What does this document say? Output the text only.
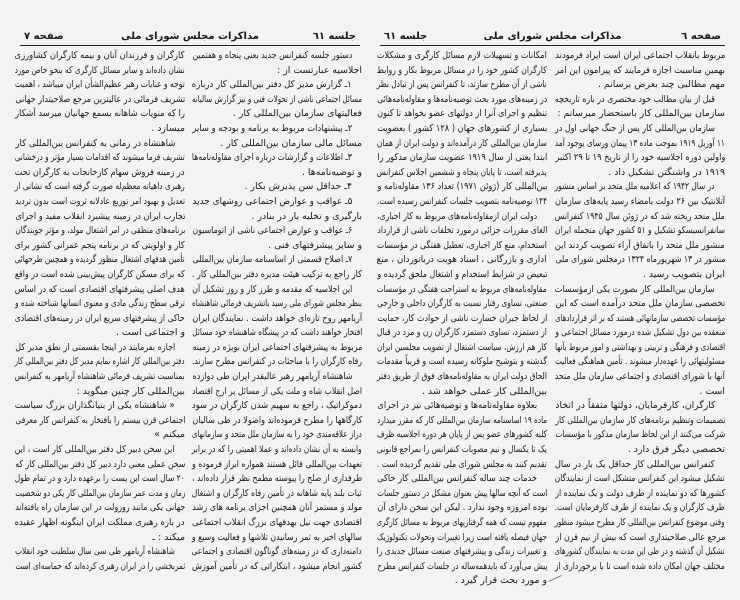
جلسه ٦١
مذاکرات مجلس شورای ملی
صفحه ٧
دستور جلسه کنفرانس جدید یعنی پنجاه و هفتمین
اجلاسیه عبارتست از :
۱ـ گزارش مدیر کل دفتر بین‌المللی کار درباره
مسائل اجتماعی ناشی از تحولات فنی و نیز گزارش سالیانه
فعالیتهای سازمان بین‌المللی کار .
۲ـ پیشنهادات مربوط به برنامه و بودجه و سایر
مسائل مالی سازمان بین‌المللی کار .
۳ـ اطلاعات و گزارشات درباره اجرای مقاوله‌نامه‌ها
و توصیه‌نامه‌ها .
۴ـ حداقل سن پذیرش بکار .
۵ـ عواقب و عوارض اجتماعی روشهای جدید
بارگیری و تخلیه بار در بنادر .
۶ـ عواقب و عوارض اجتماعی ناشی از اتوماسیون
و سایر پیشرفتهای فنی .
۷ـ اصلاح قسمتی از اساسنامه سازمان بین‌المللی
کار راجع به ترکیب هیئت مدیره دفتر بین‌المللی کار .
این اجلاسیه که مقدمه و طرز کار و روز تشکیل آن
بنظر مجلس شورای ملی رسید باتشریف فرمائی شاهنشاه
آریامهر روح تازه‌ای خواهد داشت . نمایندگان ایران
افتخار خواهند داشت که در پیشگاه شاهنشاه خود مسائل
مربوط به پیشرفتهای اجتماعی ایران بویژه در زمینه
رفاه کارگران را با مباحثات در کنفرانس مطرح سازند.
شاهنشاه آریامهر رهبر عالیقدر ایران طی دوازده
اصل انقلاب شاه و ملت یکی از مسائل پر ارج اقتصاد
دموکراتیک ، راجع به سهیم شدن کارگران در سود
کارگاهها را مطرح فرموده‌اند واصولا در طی سالیان
دراز علاقه‌مندی خود را به سازمان ملل متحد و سازمانهای
وابسته به آن نشان داده‌اند و عملا اهمیتی را که در برابر
تعهدات بین‌المللی قائل هستند همواره ابراز فرموده و
طرفداری از صلح را پیوسته مطمح نظر قرار داده‌اند ،
ثبات بلند پایه شاهانه در تأمین رفاه کارگران و اشتغال
مولد و مستمر آنان همچنین اجرای برنامه های رشد
اقتصادی جهت نیل بهدفهای بزرگ انقلاب اجتماعی
سالهای اخیر به ثمر رسانیدن تلاشها و فعالیت وسیع و
دامنه‌داری که در زمینه‌های گوناگون اقتصادی و اجتماعی
کشور انجام میشود ، ابتکاراتی که در تأمین آموزش
کارگران و فرزندان آنان و بیمه کارگران کشاورزی
نشان داده‌اند و سایر مسائل کارگری که بنحو خاص مورد
توجه و عنایات رهبر عظیم‌الشأن ایران میباشد ، اهمیت
تشریف فرمائی در عالیترین مرجع صلاحیتدار جهانی
را که منویات شاهانه بسمع جهانیان میرسد آشکار
میسازد .
شاهنشاه در زمانی به کنفرانس بین‌المللی کار
تشریف فرما میشوند که اقدامات بسیار مؤثر و درخشانی
در زمینه فروش سهام کارخانجات به کارگران تحت
رهبری داهیانه معظم‌له صورت گرفته است که نشانی از
تعدیل و بهبود امر توزیع عادلانه ثروت است بدون تردید
تجارب ایران در زمینه پیشبرد انقلاب مفید و اجرای
برنامه‌های منطقی در امر اشتغال مولد، و مؤثر جویندگان
کار و اولویتی که در برنامه پنجم عمرانی کشور برای
تأمین هدفهای اشتغال منظور گردیده و همچنین طرحهائی
که برای مسکن کارگران پیش‌بینی شده است در واقع
هدف اصلی پیشرفتهای اقتصادی است که در اساس
ترقی سطح زندگی مادی و معنوی انسانها شناخته شده و
حاکی از پیشرفتهای سریع ایران در زمینه‌های اقتصادی
و اجتماعی است .
اجازه بفرمایند در اینجا بقسمتی از نطق مدیر کل
دفتر بین‌المللی کار اشاره نمایم مدیر کل دفتر بین‌المللی کار
بمناسبت تشریف فرمائی شاهنشاه آریامهر به کنفرانس
بین‌المللی کار چنین میگوید :
« شاهنشاه یکی از بنیانگذاران بزرگ سیاست
اجتماعی قرن بیستم را بافتخار به کنفرانس کار معرفی
میکنم »
این سخن دبیر کل دفتر بین‌المللی کار است ، این
سخن عملی معنی دارد دبیر کل دفتر بین‌المللی کار که
۲۰ سال است این پست را برعهده دارد و در تمام طول
زمان و مدت عمر سازمان بین‌المللی کار یکی دو شخصیت
جهانی یکی مانند روزولت در این سازمان راه یافته‌اند
در باره رهبری مملکت ایران اینگونه اظهار عقیده
میکند : ـ
شاهنشاه آریامهر طی سی سال سلطنت خود انقلاب
ثمربخشی را در ایران رهبری کرده‌اند که حماسه‌ای است
صفحه ٦
مذاکرات مجلس شورای ملی
جلسه ٦١
مربوط بانقلاب اجتماعی ایران است ایراد فرمودند
بهمین مناسبت اجازه فرمایند که پیرامون این امر
مهم مطالبی چند بعرض برسانم .
قبل از بیان مطالب خود مختصری در باره تاریخچه
سازمان بین‌المللی کار باستحضار میرسانم :
سازمان بین‌المللی کار پس از جنگ جهانی اول در
۱۱ آوریل ۱۹۱۹ بموجب ماده ۱۳ پیمان ورسای بوجود آمد
واولین دوره اجلاسیه خود را از تاریخ ۱۹ تا ۲۹ اکتبر
۱۹۱۹ در واشنگتن تشکیل داد .
در سال ۱۹۴۲ که اعلامیه ملل متحد بر اساس منشور
آتلانتیک بین ۲۶ دولت بامضاء رسید پایه‌های سازمان
ملل متحد ریخته شد که در ژوئن سال ۱۹۴۵ کنفرانس
سانفرانسیسکو تشکیل و ۵۱ کشور جهان منجمله ایران
منشور ملل متحد را باتفاق آراء تصویب کردند این
منشور در ۱۳ شهریورماه ۱۳۲۴ درمجلس شورای ملی
ایران بتصویب رسید .
سازمان بین‌المللی کار بصورت یکی ازمؤسسات
تخصصی سازمان ملل متحد درآمده است که این
مؤسسات تخصصی سازمانهائی هستند که بر اثر قراردادهای
منعقده بین دول تشکیل شده درمورد مسائل اجتماعی و
اقتصادی و فرهنگی و تربیتی و بهداشتی و امور مربوط بآنها
مسئولیتهائی را عهده‌دار میشوند . تأمین هماهنگی فعالیت
آنها با شورای اقتصادی و اجتماعی سازمان ملل متحد
است .
کارگران، کارفرمایان، دولتها متفقاً در اتخاذ
تصمیمات وتنظیم برنامه‌های کار سازمان بین‌المللی کار
شرکت می‌کنند از این لحاظ سازمان مذکور با مؤسسات
تخصصی دیگر فرق دارد .
کنفرانس بین‌المللی کار حداقل یک بار در سال
تشکیل میشود این کنفرانس متشکل است از نمایندگان
کشورها که دو نماینده از طرف دولت و یک نماینده از
طرف کارگران و یک نماینده از طرف کارفرمایان است.
وقتی موضوع کنفرانس بین‌المللی کار مطرح میشود منظور
مرجع عالی صلاحیتداری است که بیش از نیم قرن از
تشکیل آن گذشته و در طی این مدت به نمایندگان کشورهای
مختلف جهان امکان داده شده است تا با برخورداری از
امکانات و تسهیلات لازم مسائل کارگری و مشکلات
کارگران کشور خود را در مسائل مربوط بکار و روابط
ناشی از آن مطرح سازند، تا کنفرانس پس از تبادل نظر
در زمینه‌های مورد بحث توصیه‌نامه‌ها و مقاوله‌نامه‌هائی
تنظیم و اجرای آنرا از دولتهای عضو بخواهد تا کنون
بسیاری از کشورهای جهان ( ۱۲۸ کشور ) بعضویت
سازمان بین‌المللی کار درآمده‌اند و دولت ایران از همان
ابتدا یعنی از سال ۱۹۱۹ عضویت سازمان مذکور را
پذیرفته است، تا پایان پنجاه و ششمین اجلاس کنفرانس
بین‌المللی کار (ژوئن ۱۹۷۱) تعداد ۱۳۶ مقاوله‌نامه و
۱۴۴ توصیه‌نامه بتصویب جلسات کنفرانس رسیده است.
دولت ایران ازمقاوله‌نامه‌های مربوط به کار اجباری،
الغای مقررات جزائی درمورد تخلفات ناشی از قرارداد
استخدام، منع کار اجباری، تعطیل هفتگی در مؤسسات
اداری و بازرگانی ، اسناد هویت دریانوردان ، منع
تبعیض در شرایط استخدام و اشتغال ملحق گردیده و
مقاوله‌نامه‌های مربوط به استراحت هفتگی در مؤسسات
صنعتی، تساوی رفتار نسبت به کارگران داخلی و خارجی
از لحاظ جبران خسارت ناشی از حوادث کار، حمایت
از دستمزد، تساوی دستمزد کارگران زن و مرد در قبال
کار هم ارزش، سیاست اشتغال از تصویب مجلسین ایران
گذشته و بتوشیح ملوکانه رسیده است و قریباً مقدمات
الحاق دولت ایران به مقاوله‌نامه‌های فوق از طریق دفتر
بین‌المللی کار عملی خواهد شد .
بعلاوه مقاوله‌نامه‌ها و توصیه‌هائی نیز در اجرای
ماده ۱۹ اساسنامه سازمان بین‌المللی کار که مقرر میدارد
کلیه کشورهای عضو پس از پایان هر دوره اجلاسیه ظرف
یک تا یکسال و نیم مصوبات کنفرانس را بمراجع قانونی
تقدیم کنند به مجلس شورای ملی تقدیم گردیده است .
خدمات چند ساله کنفرانس بین‌المللی کار حاکی
است که آنچه سالها پیش بعنوان مشکل در دستور جلسات
بوده امروزه وجود ندارد . لیکن این سخن دارای آن
مفهوم نیست که همه گرفتاریهای مربوط به مسائل کارگری
جهان فیصله یافته است زیرا تغییرات وتحولات تکنولوژیک
و تغییرات زندگی و پیشرفتهای صنعت مسائل جدیدی را
پیش می‌آورد که بایدهمه‌ساله در جلسات کنفرانس مطرح
و مورد بحث قرار گیرد .
